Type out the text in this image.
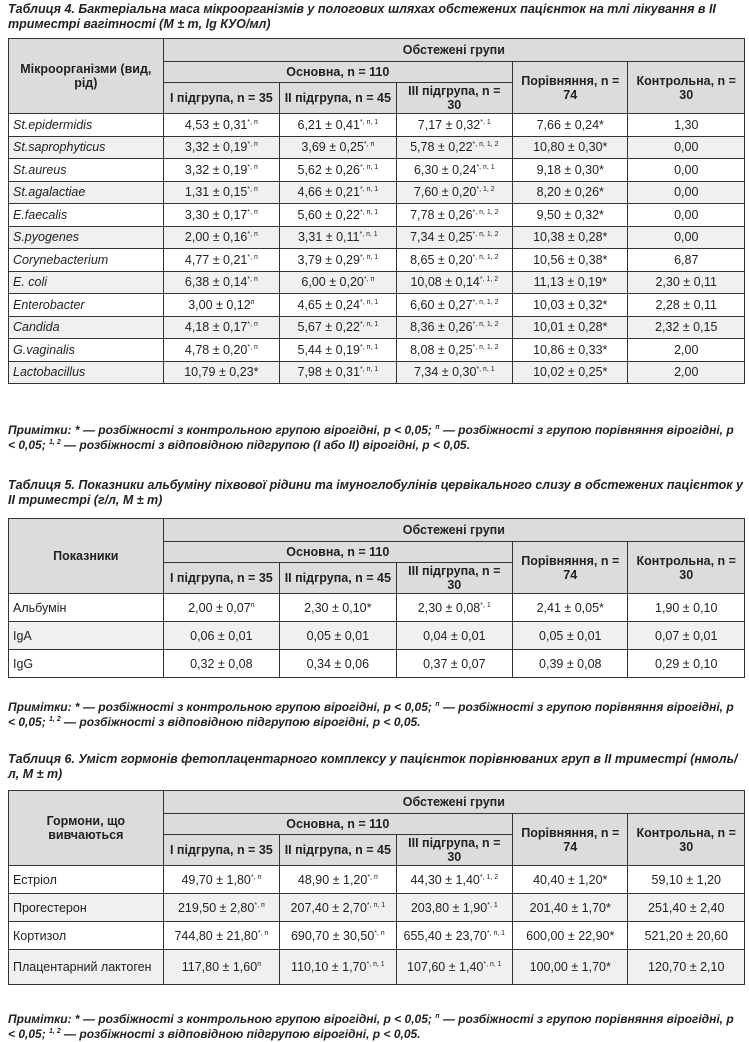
Таблиця 4. Бактеріальна маса мікроорганізмів у пологових шляхах обстежених пацієнток на тлі лікування в ІІ триместрі вагітності (M ± m, lg КУО/мл)
Мікроорганізми (вид, рід)	Обстежені групи				
	Основна, n = 110			Порівняння, n = 74	Контрольна, n = 30
	І підгрупа, n = 35	ІІ підгрупа, n = 45	ІІІ підгрупа, n = 30		
St.epidermidis	$4,53 \pm 0,31^{*, п}$	$6,21 \pm 0,41^{*, п, 1}$	$7,17 \pm 0,32^{*, 1}$	7,66 ± 0,24*	1,30
St.saprophyticus	$3,32 \pm 0,19^{*, п}$	$3,69 \pm 0,25^{*, п}$	$5,78 \pm 0,22^{*, п, 1, 2}$	10,80 ± 0,30*	0,00
St.aureus	$3,32 \pm 0,19^{*, п}$	$5,62 \pm 0,26^{*, п, 1}$	$6,30 \pm 0,24^{*, п, 1}$	9,18 ± 0,30*	0,00
St.agalactiae	$1,31 \pm 0,15^{*, п}$	$4,66 \pm 0,21^{*, п, 1}$	$7,60 \pm 0,20^{*, 1, 2}$	8,20 ± 0,26*	0,00
E.faecalis	$3,30 \pm 0,17^{*, п}$	$5,60 \pm 0,22^{*, п, 1}$	$7,78 \pm 0,26^{*, п, 1, 2}$	9,50 ± 0,32*	0,00
S.pyogenes	$2,00 \pm 0,16^{*, п}$	$3,31 \pm 0,11^{*, п, 1}$	$7,34 \pm 0,25^{*, п, 1, 2}$	10,38 ± 0,28*	0,00
Corynebacterium	$4,77 \pm 0,21^{*, п}$	$3,79 \pm 0,29^{*, п, 1}$	$8,65 \pm 0,20^{*, п, 1, 2}$	10,56 ± 0,38*	6,87
E. coli	$6,38 \pm 0,14^{*, п}$	$6,00 \pm 0,20^{*, п}$	$10,08 \pm 0,14^{*, 1, 2}$	11,13 ± 0,19*	2,30 ± 0,11
Enterobacter	$3,00 \pm 0,12^п$	$4,65 \pm 0,24^{*, п, 1}$	$6,60 \pm 0,27^{*, п, 1, 2}$	10,03 ± 0,32*	2,28 ± 0,11
Candida	$4,18 \pm 0,17^{*, п}$	$5,67 \pm 0,22^{*, п, 1}$	$8,36 \pm 0,26^{*, п, 1, 2}$	10,01 ± 0,28*	2,32 ± 0,15
G.vaginalis	$4,78 \pm 0,20^{*, п}$	$5,44 \pm 0,19^{*, п, 1}$	$8,08 \pm 0,25^{*, п, 1, 2}$	10,86 ± 0,33*	2,00
Lactobacillus	10,79 ± 0,23*	$7,98 \pm 0,31^{*, п, 1}$	$7,34 \pm 0,30^{*, п, 1}$	10,02 ± 0,25*	2,00
Примітки: * — розбіжності з контрольною групою вірогідні, р < 0,05; $^п$ — розбіжності з групою порівняння вірогідні, р < 0,05; $^{1, 2}$ — розбіжності з відповідною підгрупою (І або ІІ) вірогідні, р < 0,05.
Таблиця 5. Показники альбуміну піхвової рідини та імуноглобулінів цервікального слизу в обстежених пацієнток у ІІ триместрі (г/л, M ± m)
Показники	Обстежені групи				
	Основна, n = 110			Порівняння, n = 74	Контрольна, n = 30
	І підгрупа, n = 35	ІІ підгрупа, n = 45	ІІІ підгрупа, n = 30		
Альбумін	$2,00 \pm 0,07^п$	2,30 ± 0,10*	$2,30 \pm 0,08^{*, 1}$	2,41 ± 0,05*	1,90 ± 0,10
IgA	0,06 ± 0,01	0,05 ± 0,01	0,04 ± 0,01	0,05 ± 0,01	0,07 ± 0,01
IgG	0,32 ± 0,08	0,34 ± 0,06	0,37 ± 0,07	0,39 ± 0,08	0,29 ± 0,10
Примітки: * — розбіжності з контрольною групою вірогідні, р < 0,05; $^п$ — розбіжності з групою порівняння вірогідні, р < 0,05; $^{1, 2}$ — розбіжності з відповідною підгрупою вірогідні, р < 0,05.
Таблиця 6. Уміст гормонів фетоплацентарного комплексу у пацієнток порівнюваних груп в ІІ триместрі (нмоль/л, M ± m)
Гормони, що вивчаються	Обстежені групи				
	Основна, n = 110			Порівняння, n = 74	Контрольна, n = 30
	І підгрупа, n = 35	ІІ підгрупа, n = 45	ІІІ підгрупа, n = 30		
Естріол	$49,70 \pm 1,80^{*, п}$	$48,90 \pm 1,20^{*, п}$	$44,30 \pm 1,40^{*, 1, 2}$	40,40 ± 1,20*	59,10 ± 1,20
Прогестерон	$219,50 \pm 2,80^{*, п}$	$207,40 \pm 2,70^{*, п, 1}$	$203,80 \pm 1,90^{*, 1}$	201,40 ± 1,70*	251,40 ± 2,40
Кортизол	$744,80 \pm 21,80^{*, п}$	$690,70 \pm 30,50^{*, п}$	$655,40 \pm 23,70^{*, п, 1}$	600,00 ± 22,90*	521,20 ± 20,60
Плацентарний лактоген	$117,80 \pm 1,60^п$	$110,10 \pm 1,70^{*, п, 1}$	$107,60 \pm 1,40^{*, п, 1}$	100,00 ± 1,70*	120,70 ± 2,10
Примітки: * — розбіжності з контрольною групою вірогідні, р < 0,05; $^п$ — розбіжності з групою порівняння вірогідні, р < 0,05; $^{1, 2}$ — розбіжності з відповідною підгрупою вірогідні, р < 0,05.
